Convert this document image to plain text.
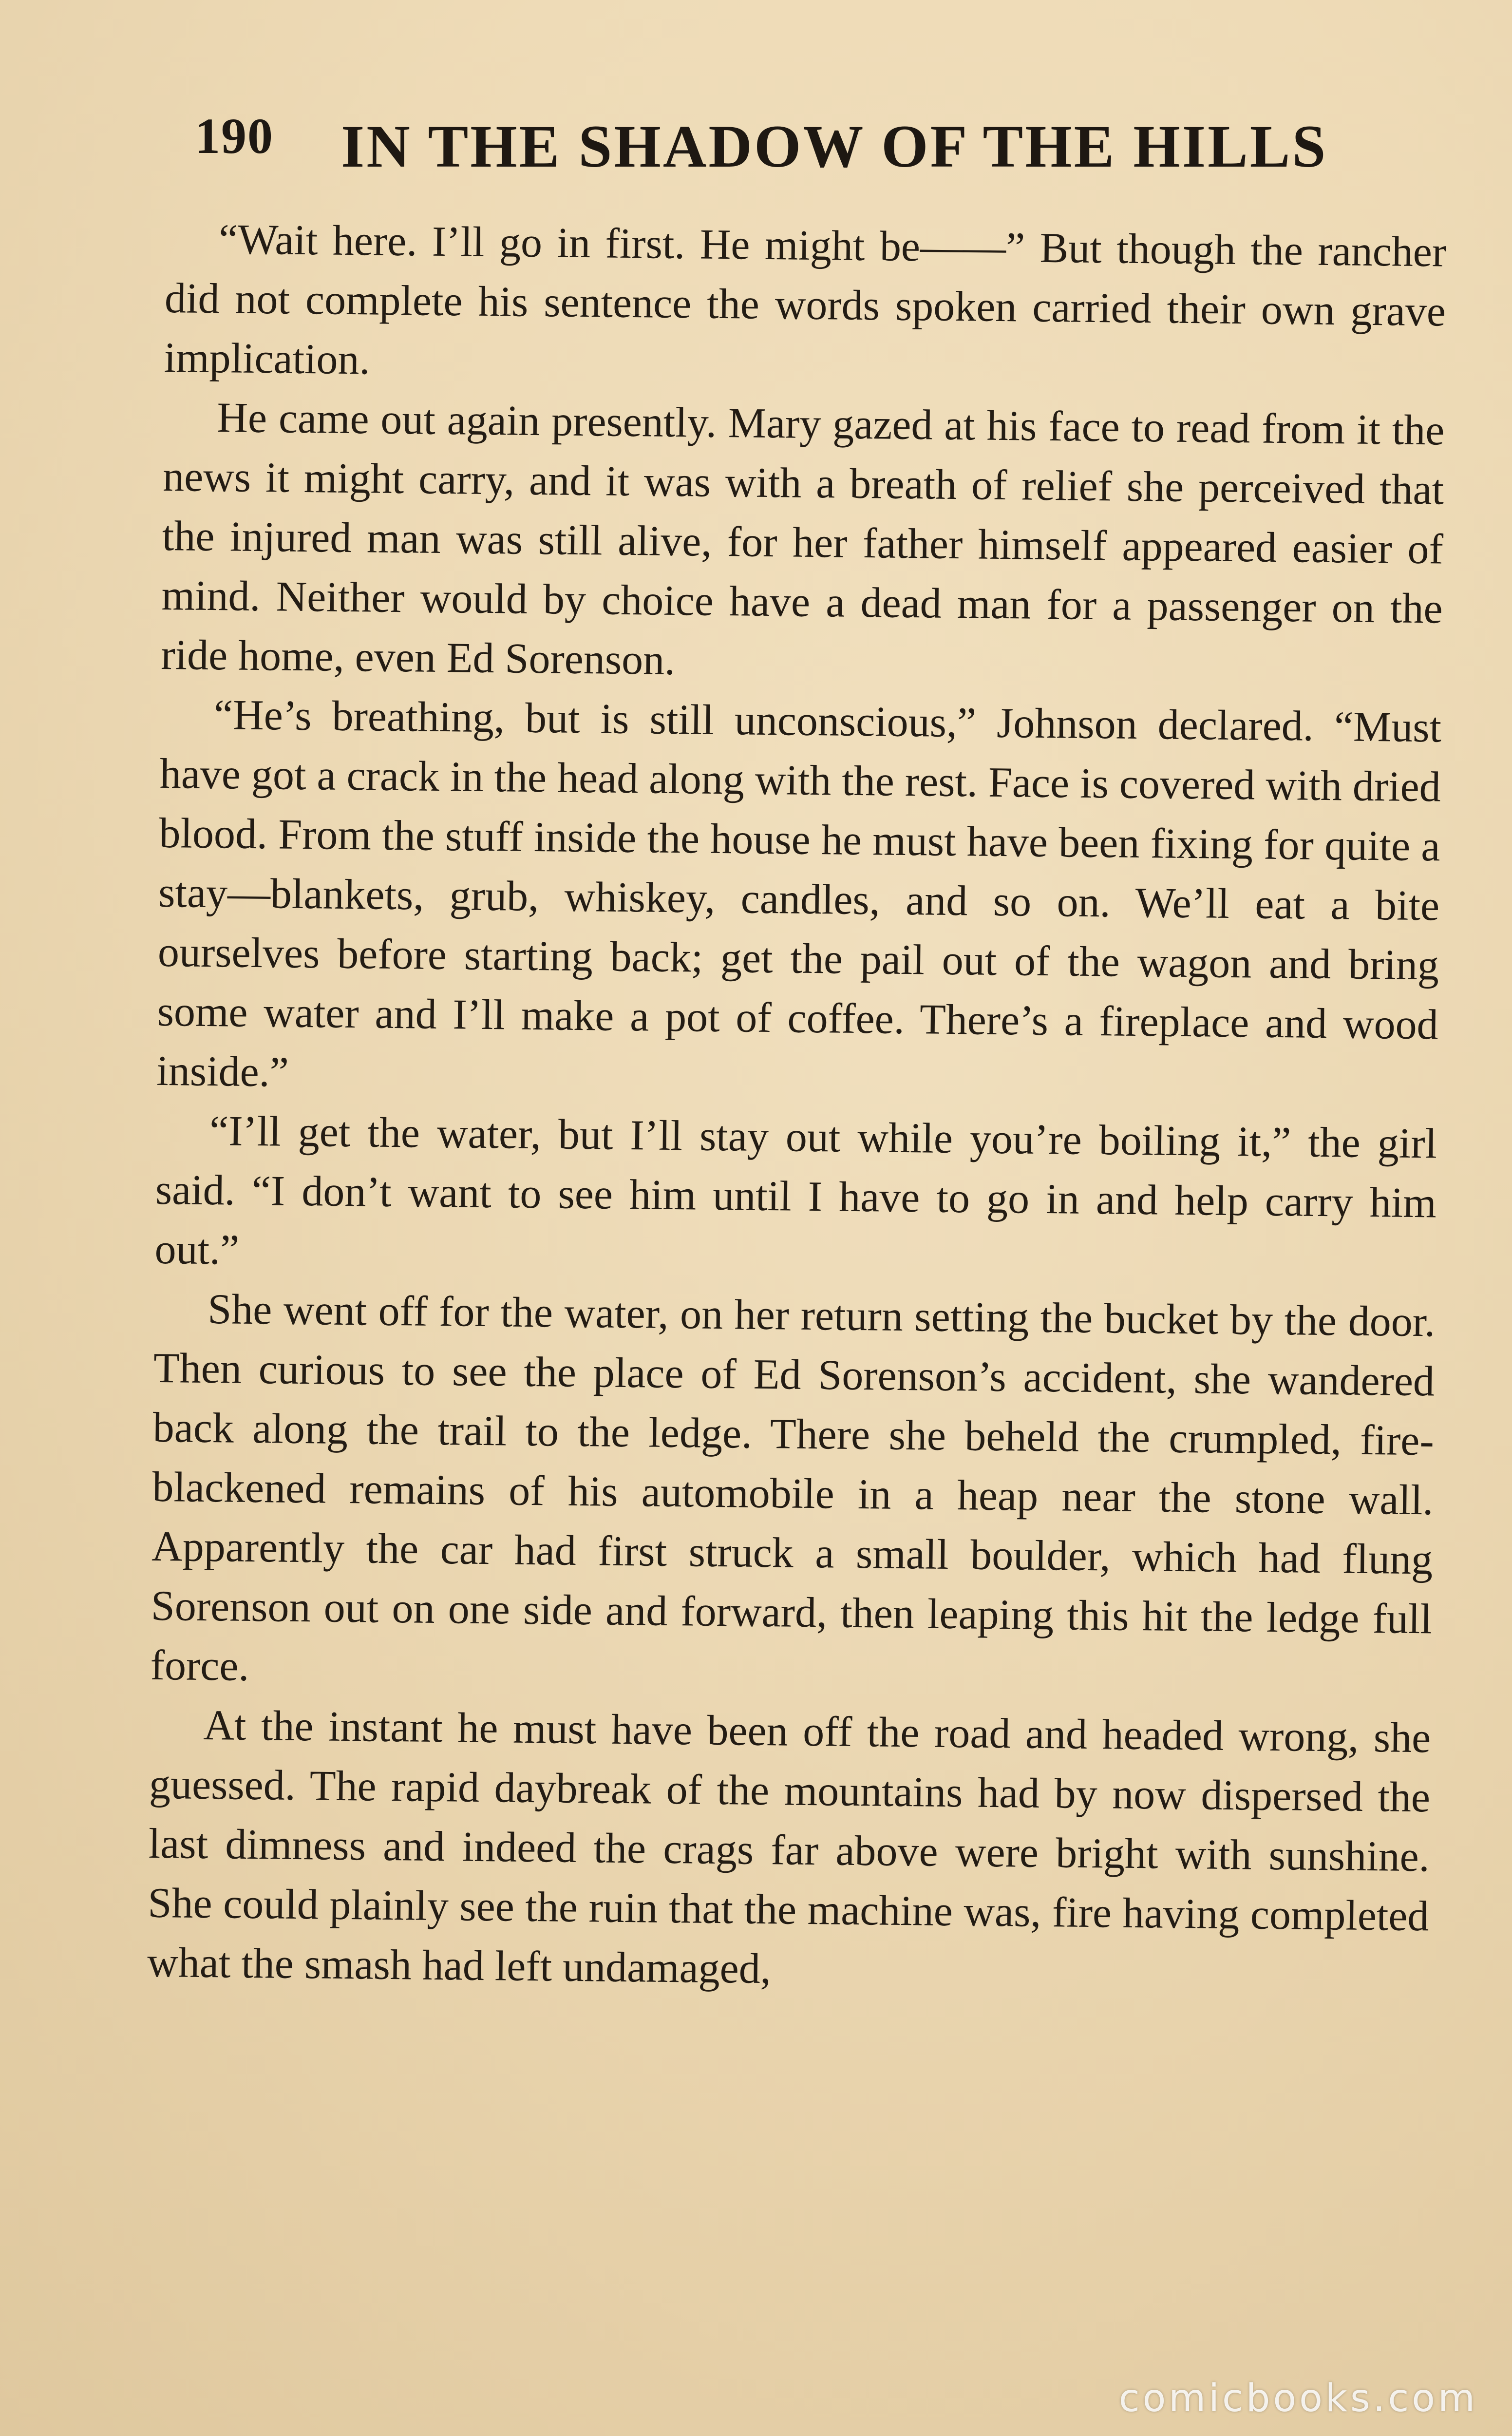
190 IN THE SHADOW OF THE HILLS

“Wait here. I’ll go in first. He might be——” But though the rancher did not complete his sentence the words spoken carried their own grave implication.

He came out again presently. Mary gazed at his face to read from it the news it might carry, and it was with a breath of relief she perceived that the injured man was still alive, for her father himself appeared easier of mind. Neither would by choice have a dead man for a passenger on the ride home, even Ed Sorenson.

“He’s breathing, but is still unconscious,” Johnson declared. “Must have got a crack in the head along with the rest. Face is covered with dried blood. From the stuff inside the house he must have been fixing for quite a stay—blankets, grub, whiskey, candles, and so on. We’ll eat a bite ourselves before starting back; get the pail out of the wagon and bring some water and I’ll make a pot of coffee. There’s a fireplace and wood inside.”

“I’ll get the water, but I’ll stay out while you’re boiling it,” the girl said. “I don’t want to see him until I have to go in and help carry him out.”

She went off for the water, on her return setting the bucket by the door. Then curious to see the place of Ed Sorenson’s accident, she wandered back along the trail to the ledge. There she beheld the crumpled, fire-blackened remains of his automobile in a heap near the stone wall. Apparently the car had first struck a small boulder, which had flung Sorenson out on one side and forward, then leaping this hit the ledge full force.

At the instant he must have been off the road and headed wrong, she guessed. The rapid daybreak of the mountains had by now dispersed the last dimness and indeed the crags far above were bright with sunshine. She could plainly see the ruin that the machine was, fire having completed what the smash had left undamaged,

comicbooks.com
